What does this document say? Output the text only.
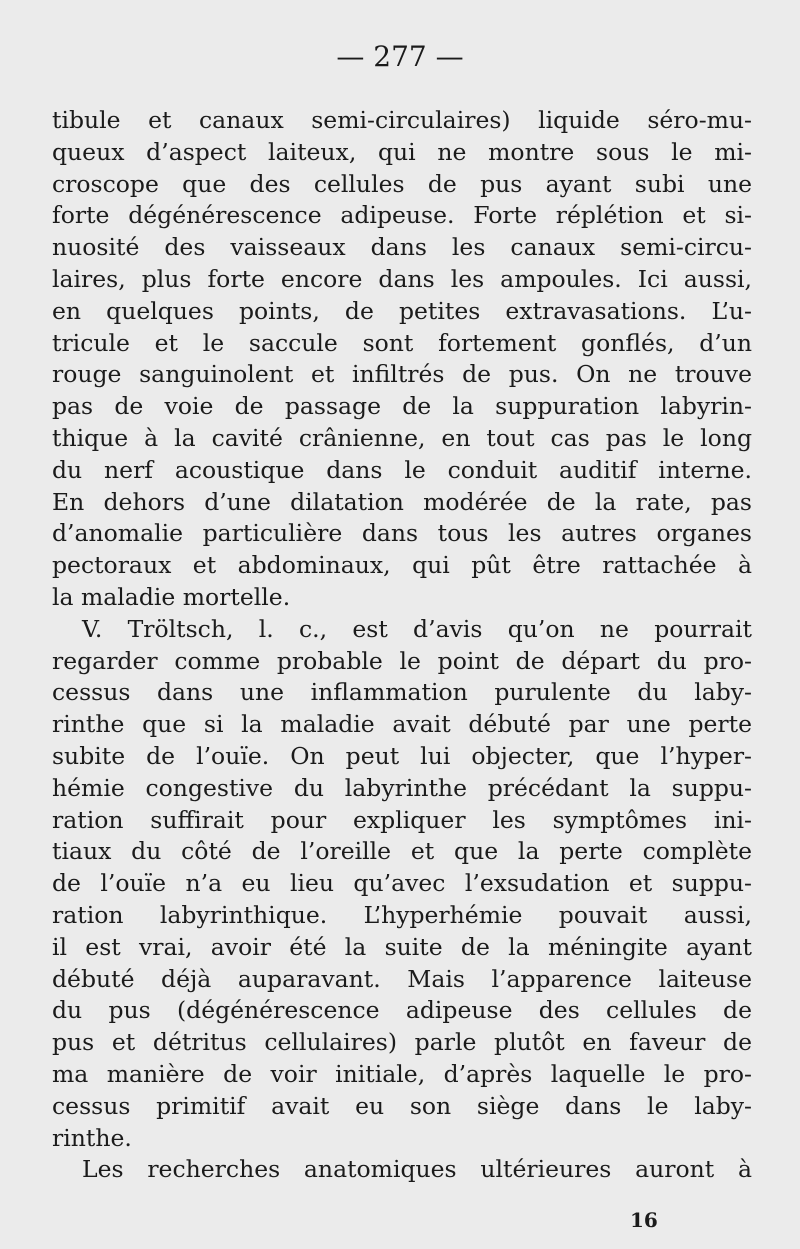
— 277 —
tibule et canaux semi-circulaires) liquide séro-mu-
queux d’aspect laiteux, qui ne montre sous le mi-
croscope que des cellules de pus ayant subi une
forte dégénérescence adipeuse. Forte réplétion et si-
nuosité des vaisseaux dans les canaux semi-circu-
laires, plus forte encore dans les ampoules. Ici aussi,
en quelques points, de petites extravasations. L’u-
tricule et le saccule sont fortement gonflés, d’un
rouge sanguinolent et infiltrés de pus. On ne trouve
pas de voie de passage de la suppuration labyrin-
thique à la cavité crânienne, en tout cas pas le long
du nerf acoustique dans le conduit auditif interne.
En dehors d’une dilatation modérée de la rate, pas
d’anomalie particulière dans tous les autres organes
pectoraux et abdominaux, qui pût être rattachée à
la maladie mortelle.
V. Tröltsch, l. c., est d’avis qu’on ne pourrait
regarder comme probable le point de départ du pro-
cessus dans une inflammation purulente du laby-
rinthe que si la maladie avait débuté par une perte
subite de l’ouïe. On peut lui objecter, que l’hyper-
hémie congestive du labyrinthe précédant la suppu-
ration suffirait pour expliquer les symptômes ini-
tiaux du côté de l’oreille et que la perte complète
de l’ouïe n’a eu lieu qu’avec l’exsudation et suppu-
ration labyrinthique. L’hyperhémie pouvait aussi,
il est vrai, avoir été la suite de la méningite ayant
débuté déjà auparavant. Mais l’apparence laiteuse
du pus (dégénérescence adipeuse des cellules de
pus et détritus cellulaires) parle plutôt en faveur de
ma manière de voir initiale, d’après laquelle le pro-
cessus primitif avait eu son siège dans le laby-
rinthe.
Les recherches anatomiques ultérieures auront à
16
